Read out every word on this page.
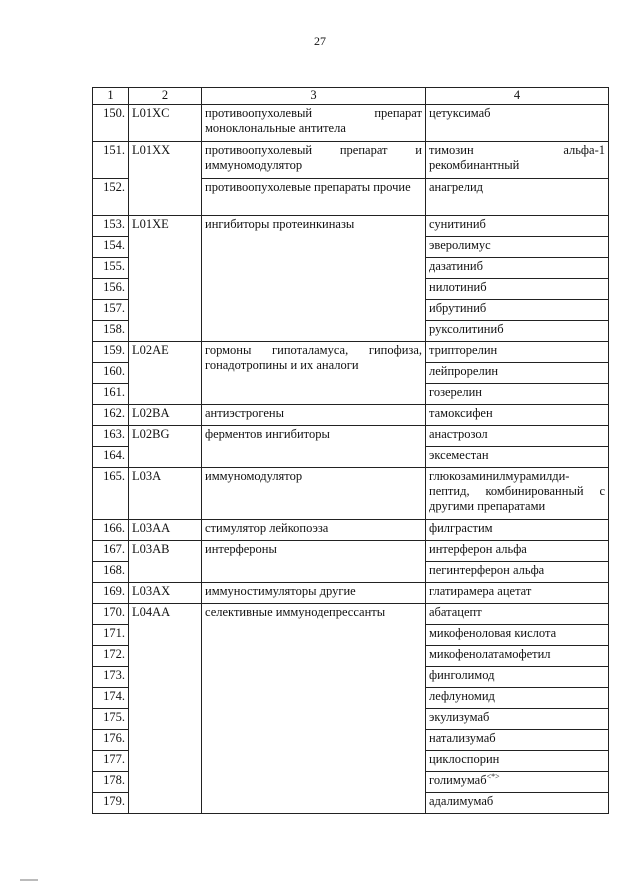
27
1	2	3	4
150.	L01XC	противоопухолевый препарат моноклональные антитела	цетуксимаб
151.	L01XX	противоопухолевый препарат и иммуномодулятор	тимозин альфа-1 рекомбинантный
152.		противоопухолевые препараты прочие	анагрелид
153.	L01XE	ингибиторы протеинкиназы	сунитиниб
154.			эверолимус
155.			дазатиниб
156.			нилотиниб
157.			ибрутиниб
158.			руксолитиниб
159.	L02AE	гормоны гипоталамуса, гипофиза, гонадотропины и их аналоги	трипторелин
160.			лейпрорелин
161.			гозерелин
162.	L02BA	антиэстрогены	тамоксифен
163.	L02BG	ферментов ингибиторы	анастрозол
164.			эксеместан
165.	L03A	иммуномодулятор	глюкозаминилмурамилди-пептид, комбинированный с другими препаратами
166.	L03AA	стимулятор лейкопоэза	филграстим
167.	L03AB	интерфероны	интерферон альфа
168.			пегинтерферон альфа
169.	L03AX	иммуностимуляторы другие	глатирамера ацетат
170.	L04AA	селективные иммунодепрессанты	абатацепт
171.			микофеноловая кислота
172.			микофенолатамофетил
173.			финголимод
174.			лефлуномид
175.			экулизумаб
176.			натализумаб
177.			циклоспорин
178.			голимумаб<*>
179.			адалимумаб
